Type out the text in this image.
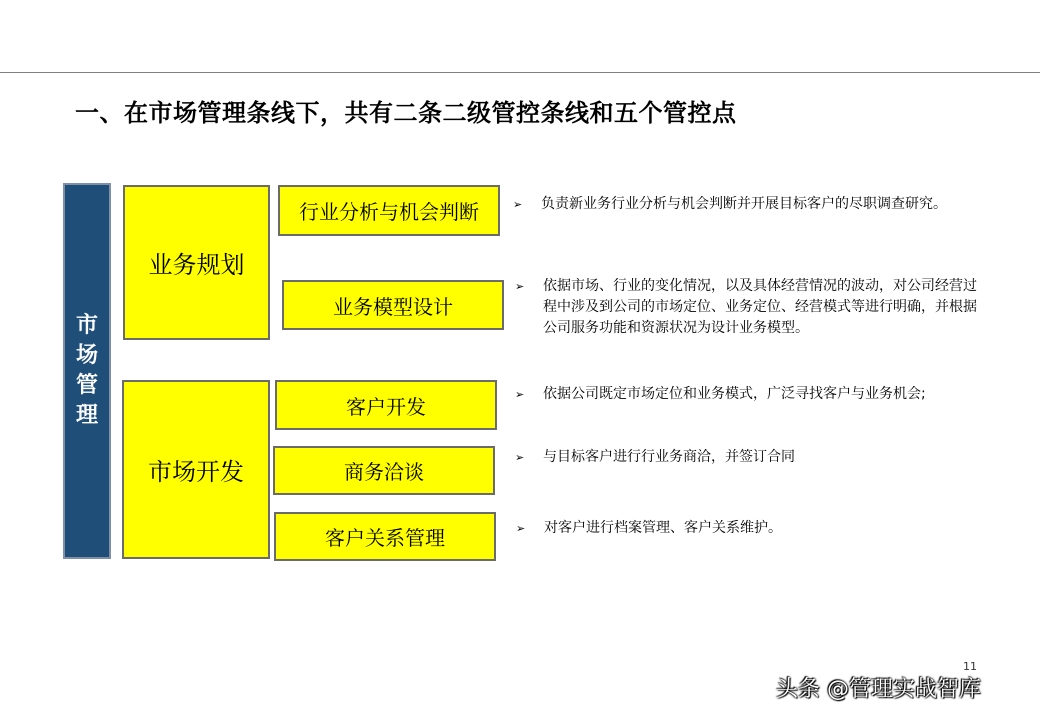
一、在市场管理条线下，共有二条二级管控条线和五个管控点
市场管理
业务规划
行业分析与机会判断
业务模型设计
市场开发
客户开发
商务洽谈
客户关系管理
➢ 负责新业务行业分析与机会判断并开展目标客户的尽职调查研究。
➢ 依据市场、行业的变化情况，以及具体经营情况的波动，对公司经营过程中涉及到公司的市场定位、业务定位、经营模式等进行明确，并根据公司服务功能和资源状况为设计业务模型。
➢ 依据公司既定市场定位和业务模式，广泛寻找客户与业务机会;
➢ 与目标客户进行行业务商洽，并签订合同
➢ 对客户进行档案管理、客户关系维护。
11
头条 @管理实战智库
